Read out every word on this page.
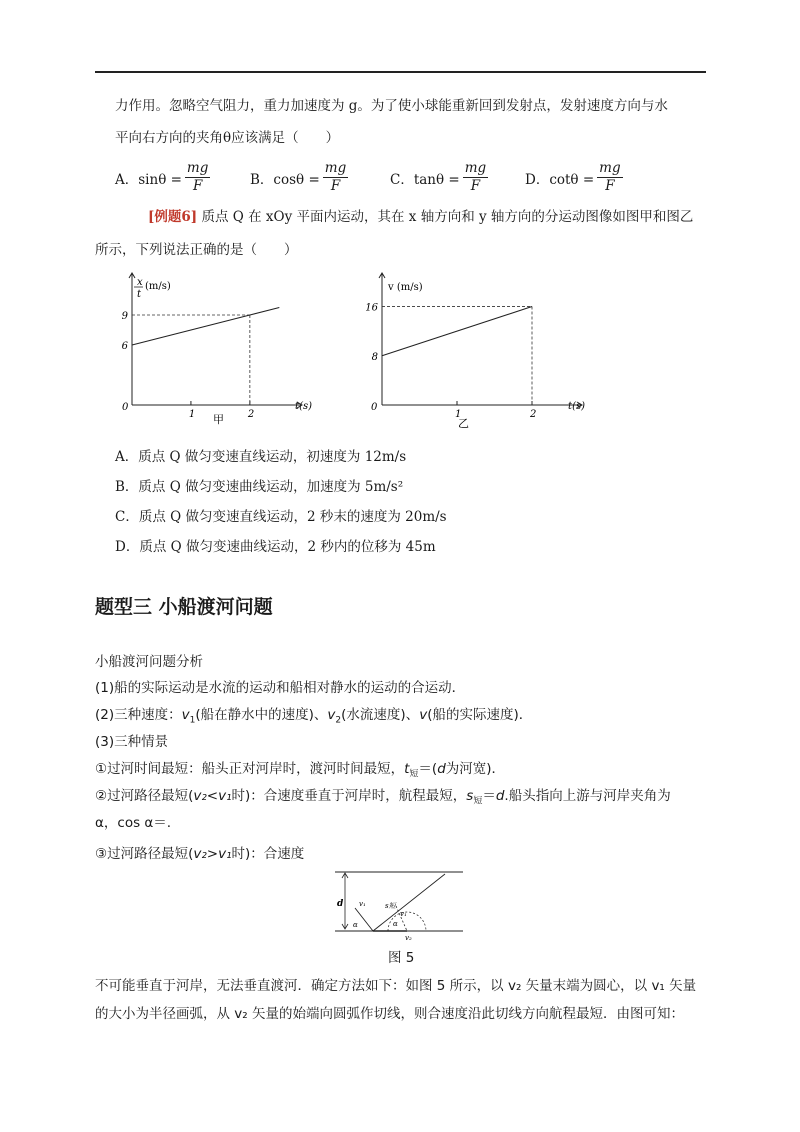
力作用。忽略空气阻力，重力加速度为 g。为了使小球能重新回到发射点，发射速度方向与水
平向右方向的夹角θ应该满足（　　）
A．$\sin\theta = \frac{mg}{F}$	B．$\cos\theta = \frac{mg}{F}$	C．$\tan\theta = \frac{mg}{F}$	D．$\cot\theta = \frac{mg}{F}$
[例题6] 质点 Q 在 xOy 平面内运动，其在 x 轴方向和 y 轴方向的分运动图像如图甲和图乙
所示，下列说法正确的是（　　）
x
t
(m/s)
t(s)
0
甲
1	2
6
9
v (m/s)
t(s)
0
乙
1	2
8
16
A．质点 Q 做匀变速直线运动，初速度为 12m/s
B．质点 Q 做匀变速曲线运动，加速度为 5m/s²
C．质点 Q 做匀变速直线运动，2 秒末的速度为 20m/s
D．质点 Q 做匀变速曲线运动，2 秒内的位移为 45m
题型三 小船渡河问题
小船渡河问题分析
(1)船的实际运动是水流的运动和船相对静水的运动的合运动．
(2)三种速度：$v_1$(船在静水中的速度)、$v_2$(水流速度)、v(船的实际速度)．
(3)三种情景
①过河时间最短：船头正对河岸时，渡河时间最短，$t_短=(d$为河宽)．
②过河路径最短(v₂<v₁时)：合速度垂直于河岸时，航程最短，$s_短=d$.船头指向上游与河岸夹角为
α，cos α＝.
③过河路径最短(v₂>v₁时)：合速度
d v₁	s短
v₁
α	α
v₂
图 5
不可能垂直于河岸，无法垂直渡河．确定方法如下：如图 5 所示，以 v₂ 矢量末端为圆心，以 v₁ 矢量
的大小为半径画弧，从 v₂ 矢量的始端向圆弧作切线，则合速度沿此切线方向航程最短．由图可知：
